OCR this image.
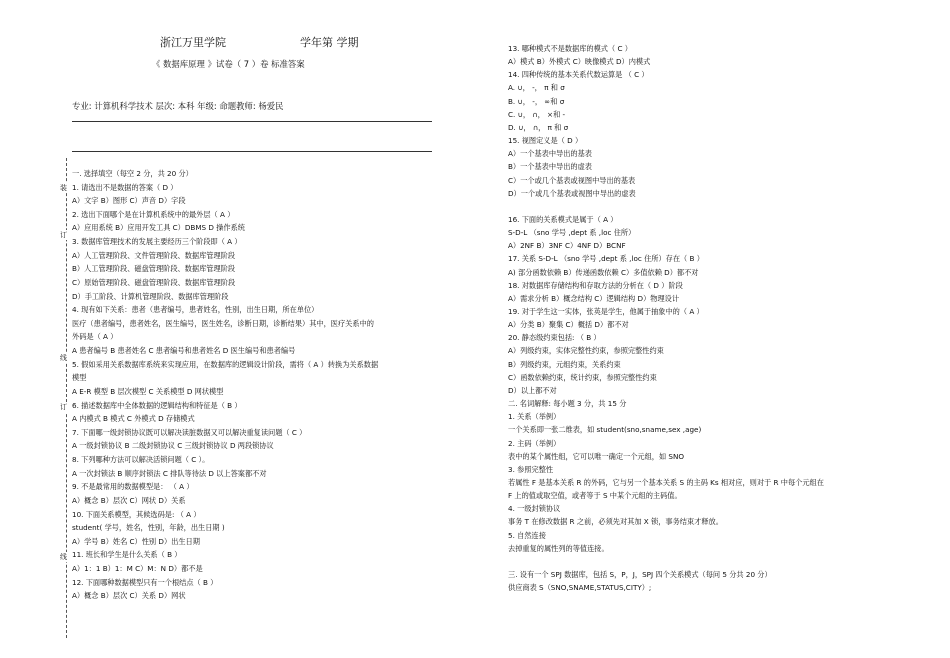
浙江万里学院	学年第 学期
《 数据库原理 》试卷（ 7 ）卷 标准答案
专业: 计算机科学技术 层次: 本科 年级: 命题教师: 杨爱民
装
订
线
订
线
一. 选择填空（每空 2 分，共 20 分）
1. 请选出不是数据的答案（ D ）
A）文字 B）图形 C）声音 D）字段
2. 选出下面哪个是在计算机系统中的最外层（ A ）
A）应用系统 B）应用开发工具 C）DBMS D 操作系统
3. 数据库管理技术的发展主要经历三个阶段即（ A ）
A）人工管理阶段、文件管理阶段、数据库管理阶段
B）人工管理阶段、磁盘管理阶段、数据库管理阶段
C）原始管理阶段、磁盘管理阶段、数据库管理阶段
D）手工阶段、计算机管理阶段、数据库管理阶段
4. 现有如下关系：患者（患者编号，患者姓名，性别，出生日期，所在单位）
医疗（患者编号，患者姓名，医生编号，医生姓名，诊断日期，诊断结果）其中，医疗关系中的
外码是（ A ）
A 患者编号 B 患者姓名 C 患者编号和患者姓名 D 医生编号和患者编号
5. 假如采用关系数据库系统来实现应用，在数据库的逻辑设计阶段，需将（ A ）转换为关系数据
模型
A E-R 模型 B 层次模型 C 关系模型 D 网状模型
6. 描述数据库中全体数据的逻辑结构和特征是（ B ）
A 内模式 B 模式 C 外模式 D 存储模式
7. 下面哪一级封锁协议既可以解决读脏数据又可以解决重复读问题（ C ）
A 一级封锁协议 B 二级封锁协议 C 三级封锁协议 D 两段锁协议
8. 下列哪种方法可以解决活锁问题（ C ）。
A 一次封锁法 B 顺序封锁法 C 排队等待法 D 以上答案都不对
9. 不是最常用的数据模型是： （ A ）
A）概念 B）层次 C）网状 D）关系
10. 下面关系模型，其候选码是: （ A ）
student( 学号，姓名，性别，年龄，出生日期 )
A）学号 B）姓名 C）性别 D）出生日期
11. 班长和学生是什么关系（ B ）
A）1：1 B）1：M C）M：N D）都不是
12. 下面哪种数据模型只有一个根结点（ B ）
A）概念 B）层次 C）关系 D）网状
13. 哪种模式不是数据库的模式（ C ）
A）模式 B）外模式 C）映像模式 D）内模式
14. 四种传统的基本关系代数运算是 （ C ）
A. ∪， -， π 和 σ
B. ∪， -， ∞和 σ
C. ∪， ∩， ×和 -
D. ∪， ∩， π 和 σ
15. 视图定义是（ D ）
A）一个基表中导出的基表
B）一个基表中导出的虚表
C）一个或几个基表或视图中导出的基表
D）一个或几个基表或视图中导出的虚表
16. 下面的关系模式是属于（ A ）
S-D-L （sno 学号 ,dept 系 ,loc 住所）
A）2NF B）3NF C）4NF D）BCNF
17. 关系 S-D-L （sno 学号 ,dept 系 ,loc 住所）存在（ B ）
A) 部分函数依赖 B）传递函数依赖 C）多值依赖 D）都不对
18. 对数据库存储结构和存取方法的分析在（ D ）阶段
A）需求分析 B）概念结构 C）逻辑结构 D）物理设计
19. 对于学生这一实体，张英是学生，他属于抽象中的（ A ）
A）分类 B）聚集 C）概括 D）都不对
20. 静态级约束包括: （ B ）
A）列级约束，实体完整性约束，参照完整性约束
B）列级约束，元组约束，关系约束
C）函数依赖约束，统计约束，参照完整性约束
D）以上都不对
二. 名词解释: 每小题 3 分，共 15 分
1. 关系（举例）
一个关系即一张二维表，如 student(sno,sname,sex ,age)
2. 主码（举例）
表中的某个属性组，它可以唯一确定一个元组，如 SNO
3. 参照完整性
若属性 F 是基本关系 R 的外码，它与另一个基本关系 S 的主码 Ks 相对应，则对于 R 中每个元组在
F 上的值或取空值，或者等于 S 中某个元组的主码值。
4. 一级封锁协议
事务 T 在修改数据 R 之前，必须先对其加 X 锁，事务结束才释放。
5. 自然连接
去掉重复的属性列的等值连接。
三. 设有一个 SPJ 数据库，包括 S，P，J，SPJ 四个关系模式（每问 5 分共 20 分）
供应商表 S（SNO,SNAME,STATUS,CITY）;
